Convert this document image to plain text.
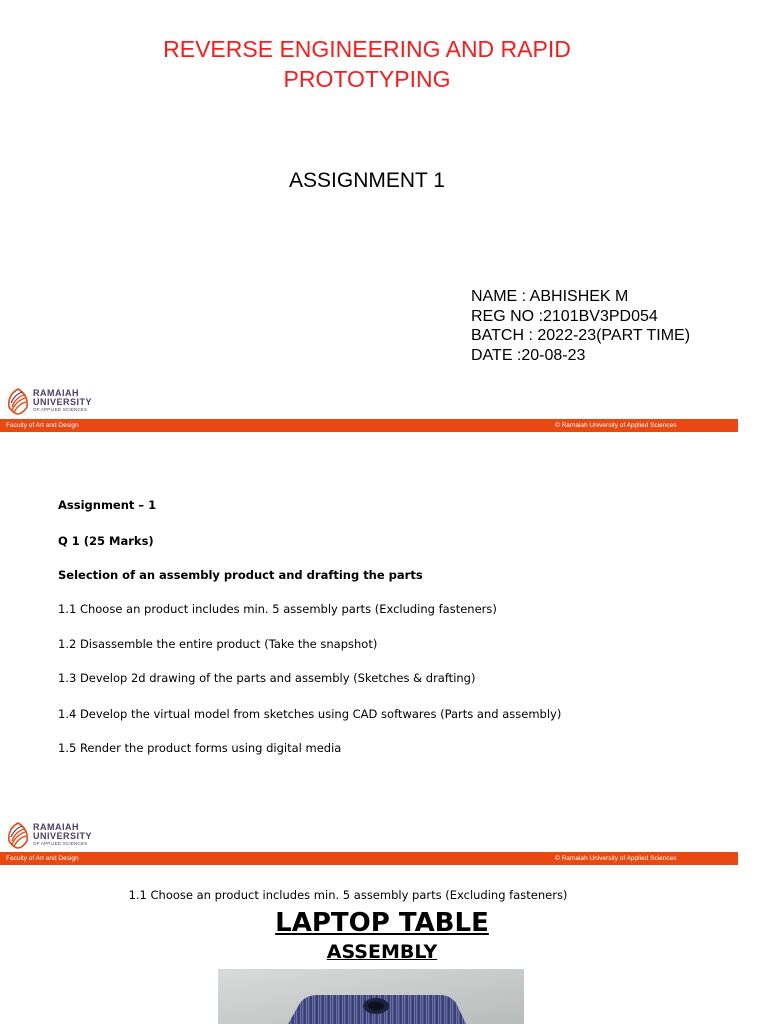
REVERSE ENGINEERING AND RAPID
PROTOTYPING
ASSIGNMENT 1
NAME : ABHISHEK M
REG NO :2101BV3PD054
BATCH : 2022-23(PART TIME)
DATE :20-08-23
RAMAIAH
UNIVERSITY
OF APPLIED SCIENCES
Faculty of Art and Design	© Ramaiah University of Applied Sciences
Assignment – 1
Q 1 (25 Marks)
Selection of an assembly product and drafting the parts
1.1 Choose an product includes min. 5 assembly parts (Excluding fasteners)
1.2 Disassemble the entire product (Take the snapshot)
1.3 Develop 2d drawing of the parts and assembly (Sketches & drafting)
1.4 Develop the virtual model from sketches using CAD softwares (Parts and assembly)
1.5 Render the product forms using digital media
RAMAIAH
UNIVERSITY
OF APPLIED SCIENCES
Faculty of Art and Design	© Ramaiah University of Applied Sciences
1.1 Choose an product includes min. 5 assembly parts (Excluding fasteners)
LAPTOP TABLE
ASSEMBLY
